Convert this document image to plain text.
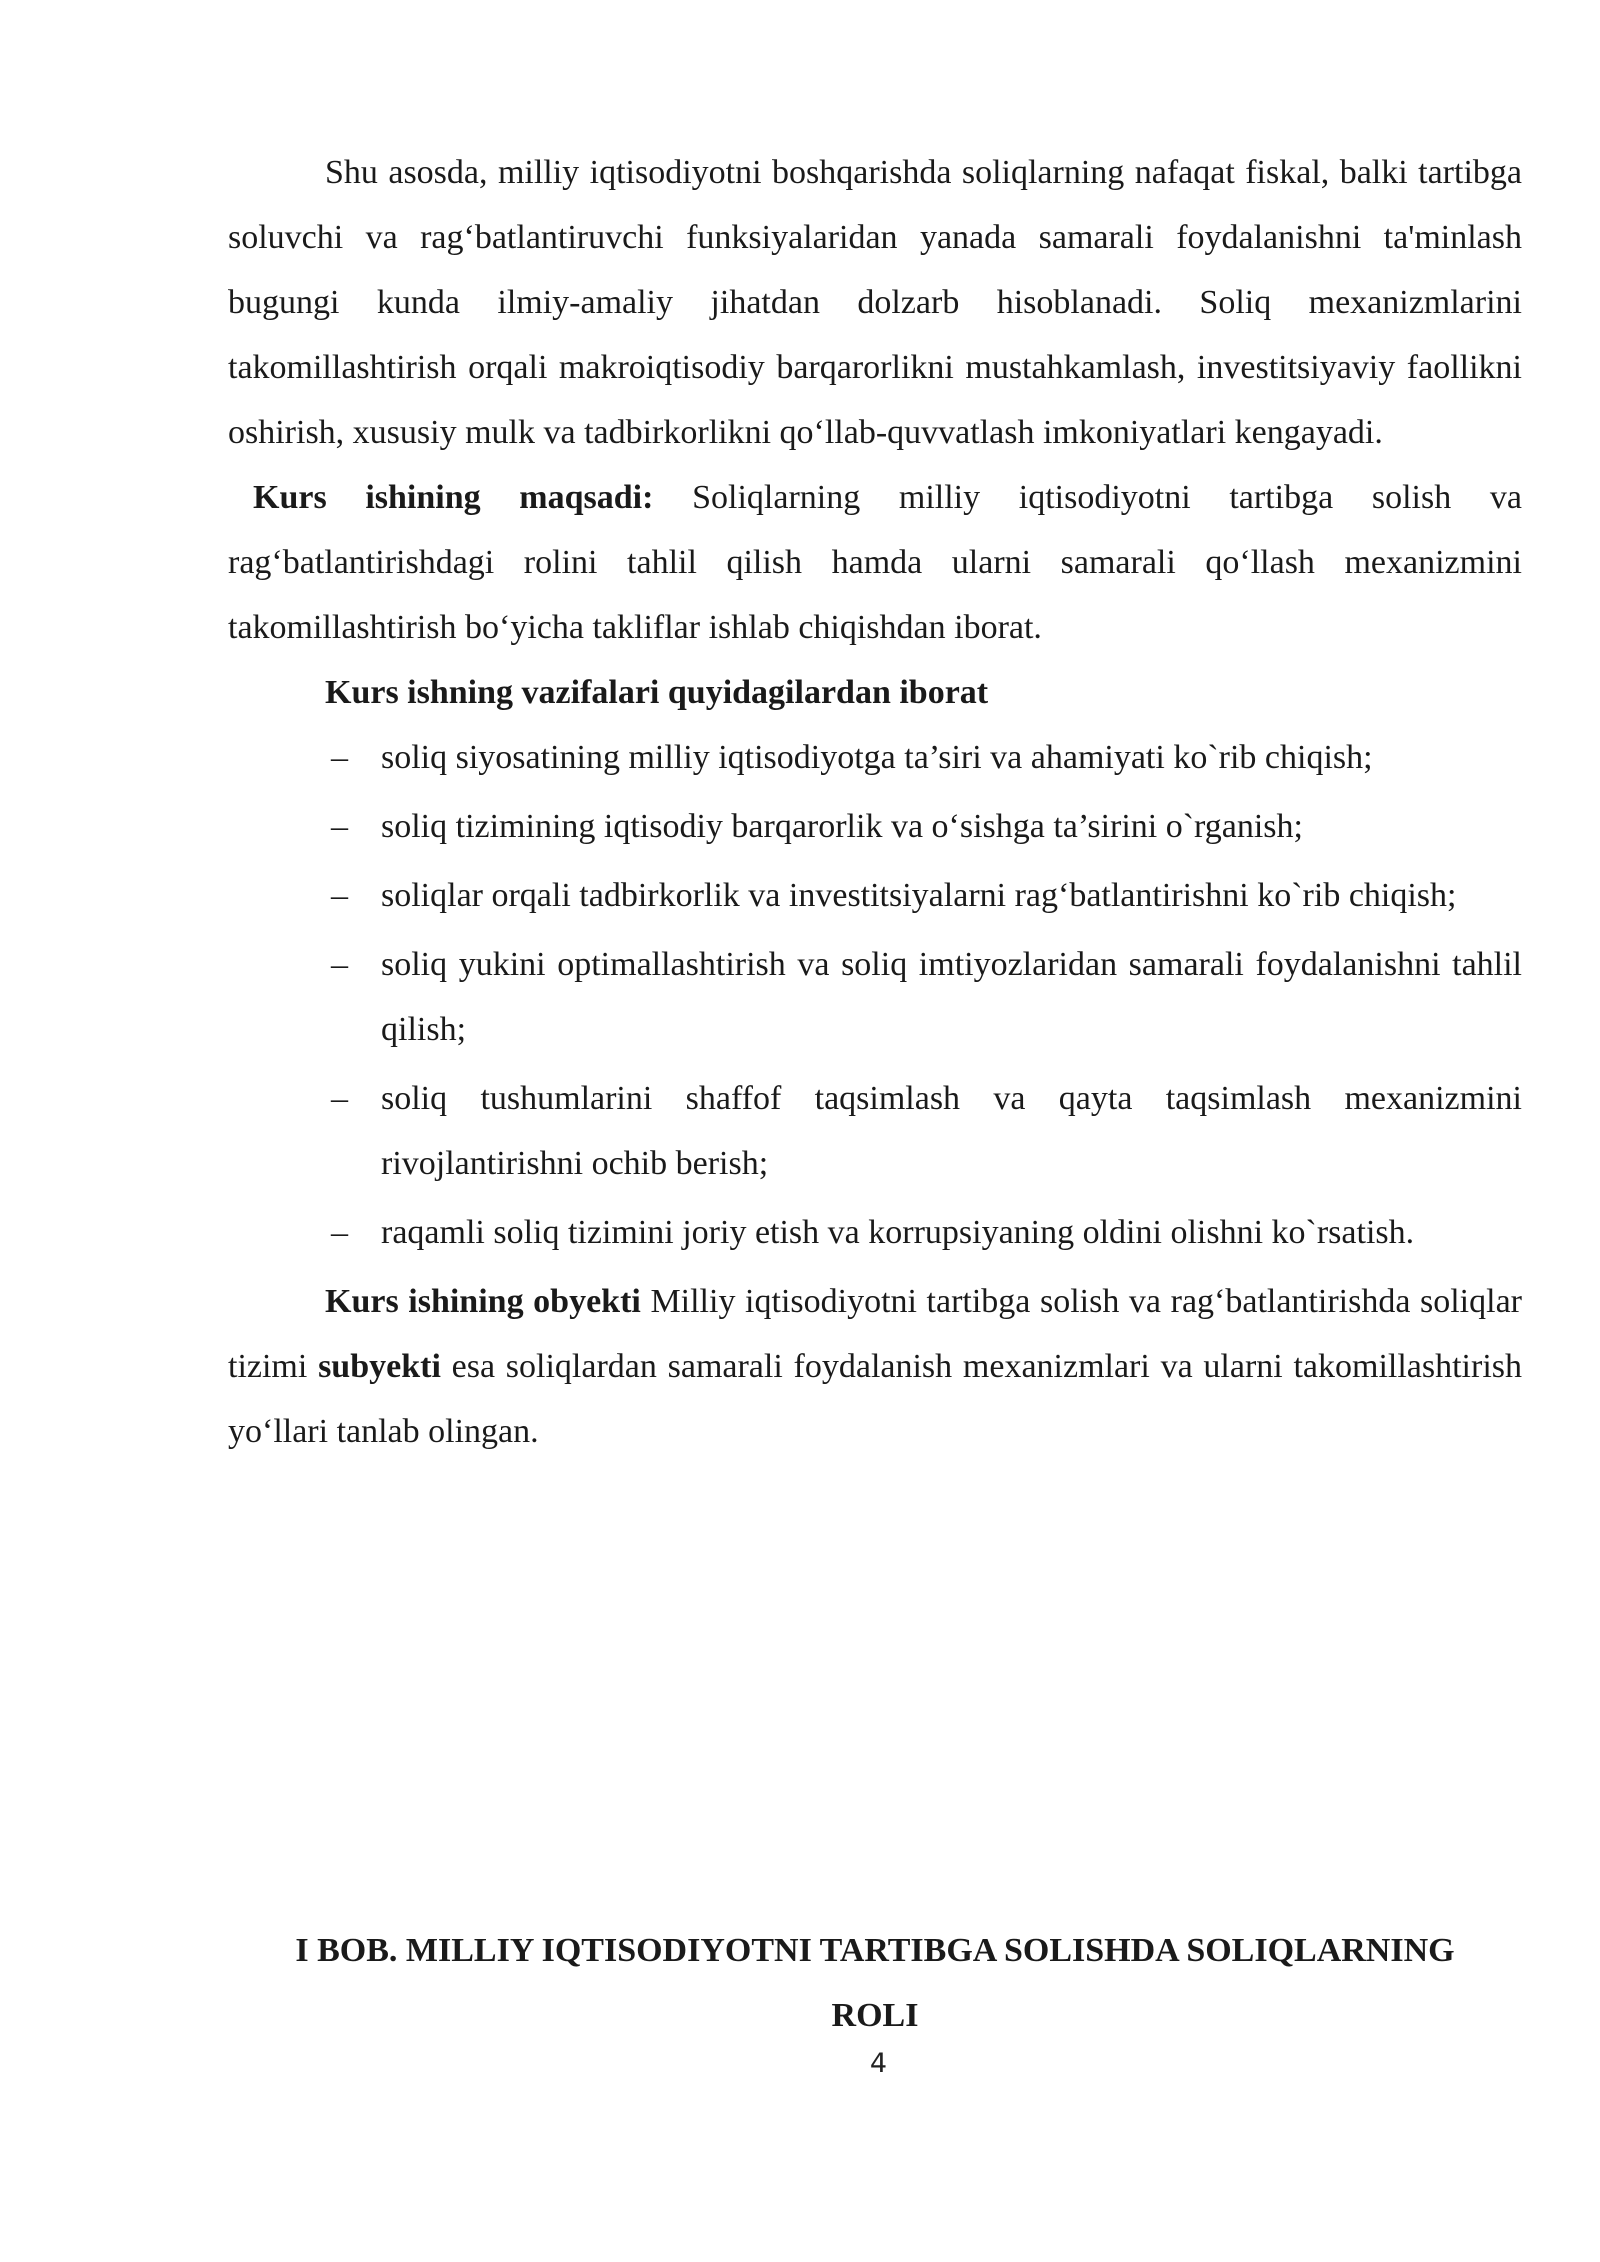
Shu asosda, milliy iqtisodiyotni boshqarishda soliqlarning nafaqat fiskal, balki tartibga soluvchi va rag‘batlantiruvchi funksiyalaridan yanada samarali foydalanishni ta'minlash bugungi kunda ilmiy-amaliy jihatdan dolzarb hisoblanadi. Soliq mexanizmlarini takomillashtirish orqali makroiqtisodiy barqarorlikni mustahkamlash, investitsiyaviy faollikni oshirish, xususiy mulk va tadbirkorlikni qo‘llab-quvvatlash imkoniyatlari kengayadi.

Kurs ishining maqsadi: Soliqlarning milliy iqtisodiyotni tartibga solish va rag‘batlantirishdagi rolini tahlil qilish hamda ularni samarali qo‘llash mexanizmini takomillashtirish bo‘yicha takliflar ishlab chiqishdan iborat.

Kurs ishning vazifalari quyidagilardan iborat

– soliq siyosatining milliy iqtisodiyotga ta’siri va ahamiyati ko`rib chiqish;
– soliq tizimining iqtisodiy barqarorlik va o‘sishga ta’sirini o`rganish;
– soliqlar orqali tadbirkorlik va investitsiyalarni rag‘batlantirishni ko`rib chiqish;
– soliq yukini optimallashtirish va soliq imtiyozlaridan samarali foydalanishni tahlil qilish;
– soliq tushumlarini shaffof taqsimlash va qayta taqsimlash mexanizmini rivojlantirishni ochib berish;
– raqamli soliq tizimini joriy etish va korrupsiyaning oldini olishni ko`rsatish.

Kurs ishining obyekti Milliy iqtisodiyotni tartibga solish va rag‘batlantirishda soliqlar tizimi subyekti esa soliqlardan samarali foydalanish mexanizmlari va ularni takomillashtirish yo‘llari tanlab olingan.

I BOB. MILLIY IQTISODIYOTNI TARTIBGA SOLISHDA SOLIQLARNING
ROLI
4
